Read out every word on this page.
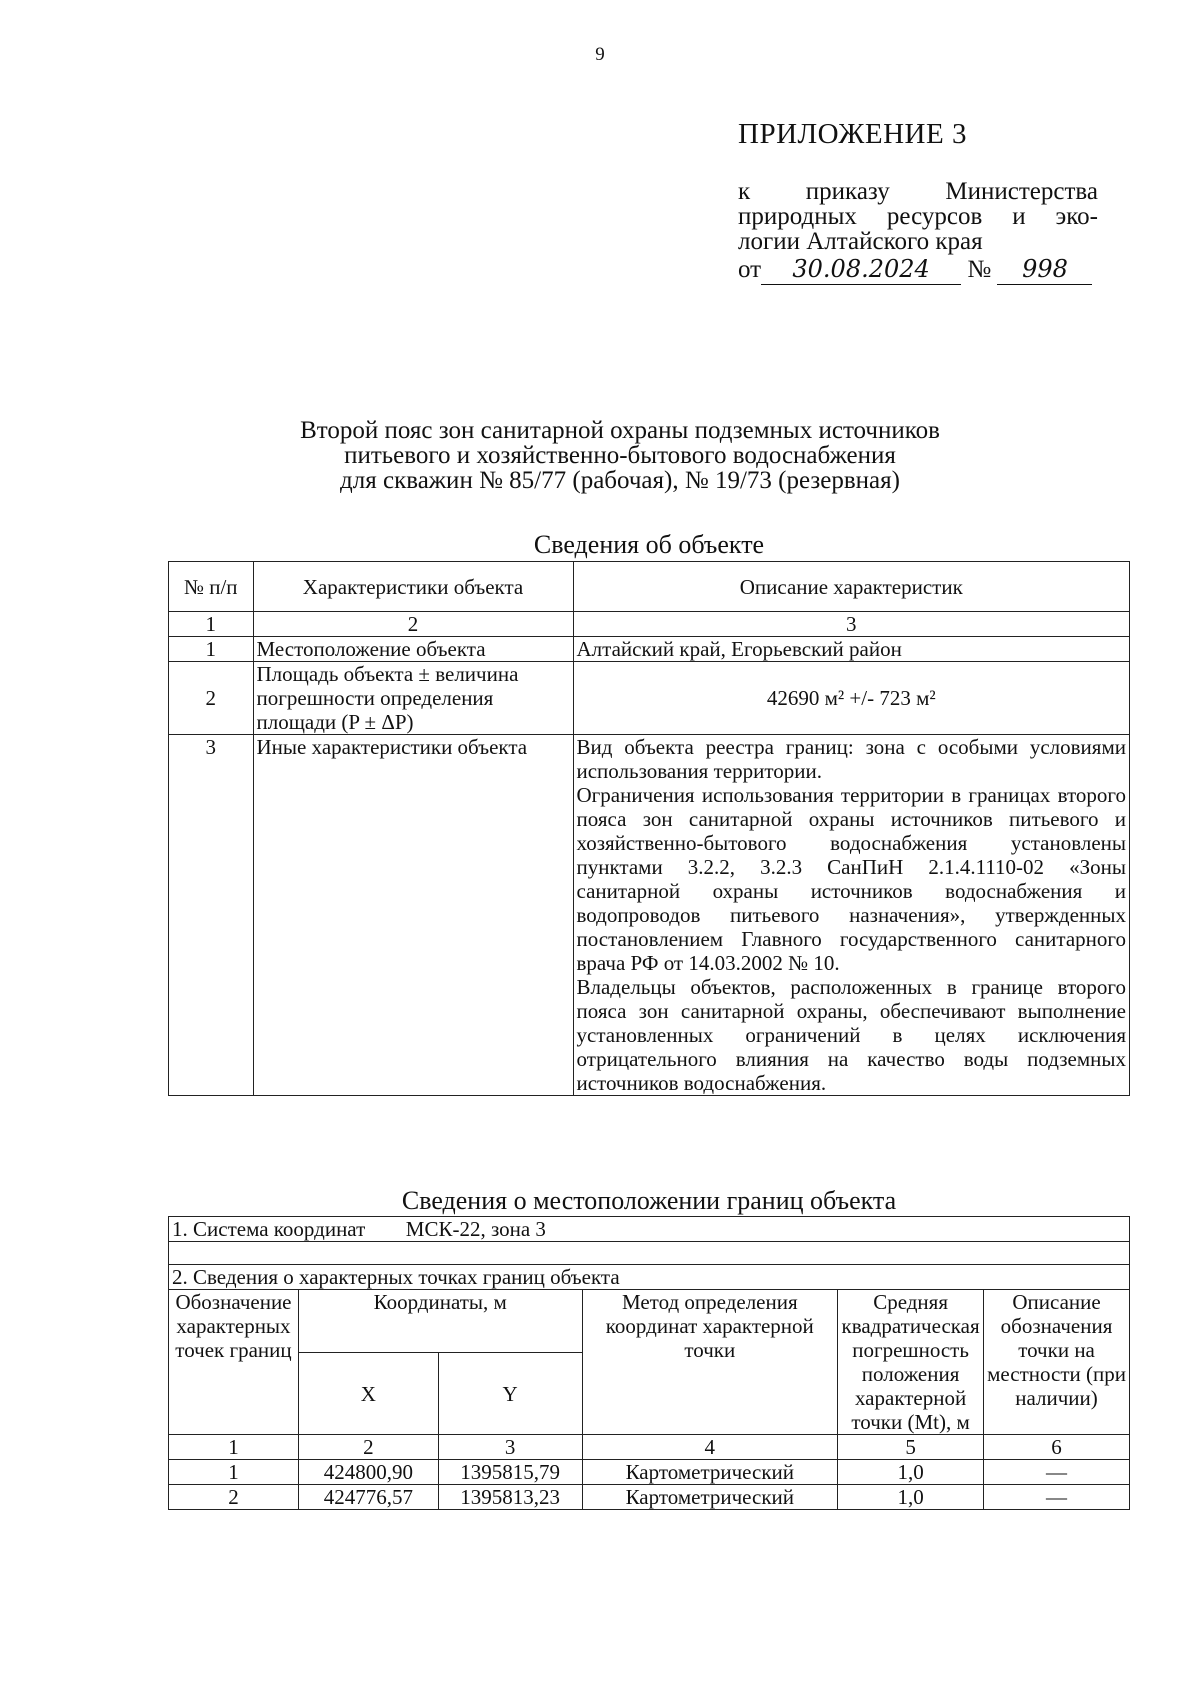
9
ПРИЛОЖЕНИЕ 3
к приказу Министерства
природных ресурсов и эко-
логии Алтайского края
от 30.08.2024 № 998
Второй пояс зон санитарной охраны подземных источников
питьевого и хозяйственно-бытового водоснабжения
для скважин № 85/77 (рабочая), № 19/73 (резервная)
Сведения об объекте
№ п/п	Характеристики объекта	Описание характеристик
1	2	3
1	Местоположение объекта	Алтайский край, Егорьевский район
2	Площадь объекта ± величина погрешности определения площади (P ± ΔP)	42690 м² +/- 723 м²
3	Иные характеристики объекта	Вид объекта реестра границ: зона с особыми условиями использования территории.

Ограничения использования территории в границах второго пояса зон санитарной охраны источников питьевого и хозяйственно-бытового водоснабжения установлены пунктами 3.2.2, 3.2.3 СанПиН 2.1.4.1110-02 «Зоны санитарной охраны источников водоснабжения и водопроводов питьевого назначения», утвержденных постановлением Главного государственного санитарного врача РФ от 14.03.2002 № 10.

Владельцы объектов, расположенных в границе второго пояса зон санитарной охраны, обеспечивают выполнение установленных ограничений в целях исключения отрицательного влияния на качество воды подземных источников водоснабжения.

Сведения о местоположении границ объекта
1. Система координат МСК-22, зона 3					

2. Сведения о характерных точках границ объекта					
Обозначение характерных точек границ	Координаты, м		Метод определения координат характерной точки	Средняя квадратическая погрешность положения характерной точки (Mt), м	Описание обозначения точки на местности (при наличии)
	X	Y			
1	2	3	4	5	6
1	424800,90	1395815,79	Картометрический	1,0	—
2	424776,57	1395813,23	Картометрический	1,0	—
